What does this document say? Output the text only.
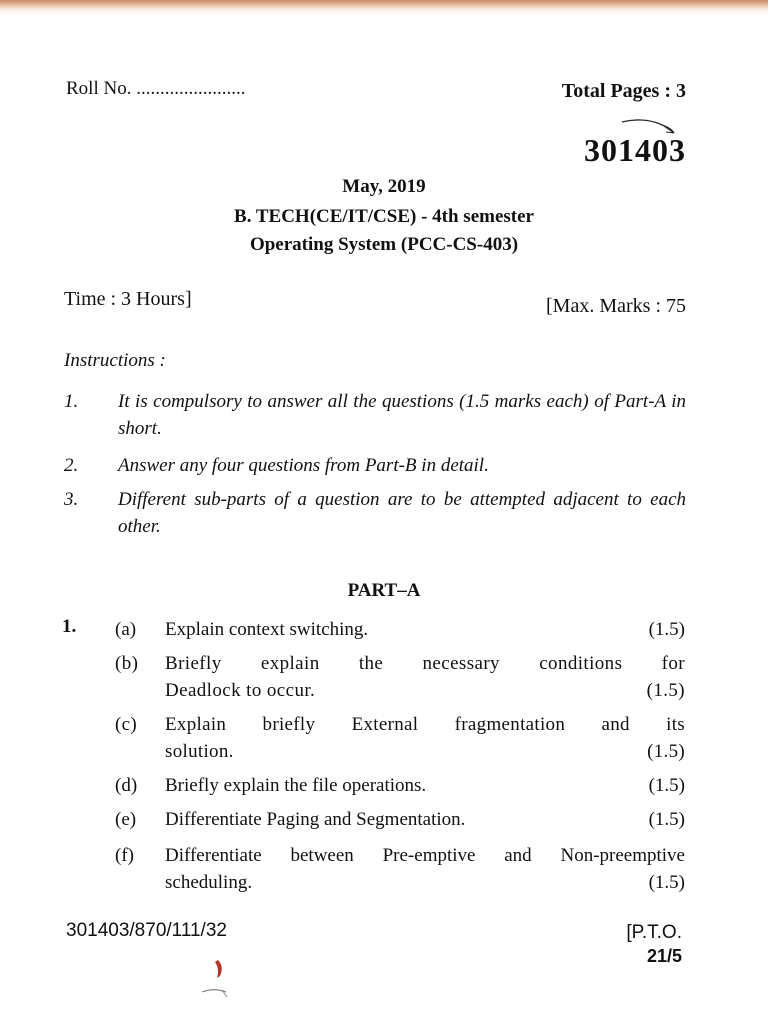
Roll No. .......................	Total Pages : 3
301403
May, 2019
B. TECH(CE/IT/CSE) - 4th semester
Operating System (PCC-CS-403)
Time : 3 Hours]	[Max. Marks : 75
Instructions :
1. It is compulsory to answer all the questions (1.5 marks each) of Part-A in short.
2. Answer any four questions from Part-B in detail.
3. Different sub-parts of a question are to be attempted adjacent to each other.
PART–A
1. (a) Explain context switching.	(1.5)
(b) Briefly explain the necessary conditions for
Deadlock to occur.	(1.5)
(c) Explain briefly External fragmentation and its
solution.	(1.5)
(d) Briefly explain the file operations.	(1.5)
(e) Differentiate Paging and Segmentation.	(1.5)
(f) Differentiate between Pre-emptive and Non-preemptive
scheduling.	(1.5)
301403/870/111/32	[P.T.O.
21/5
